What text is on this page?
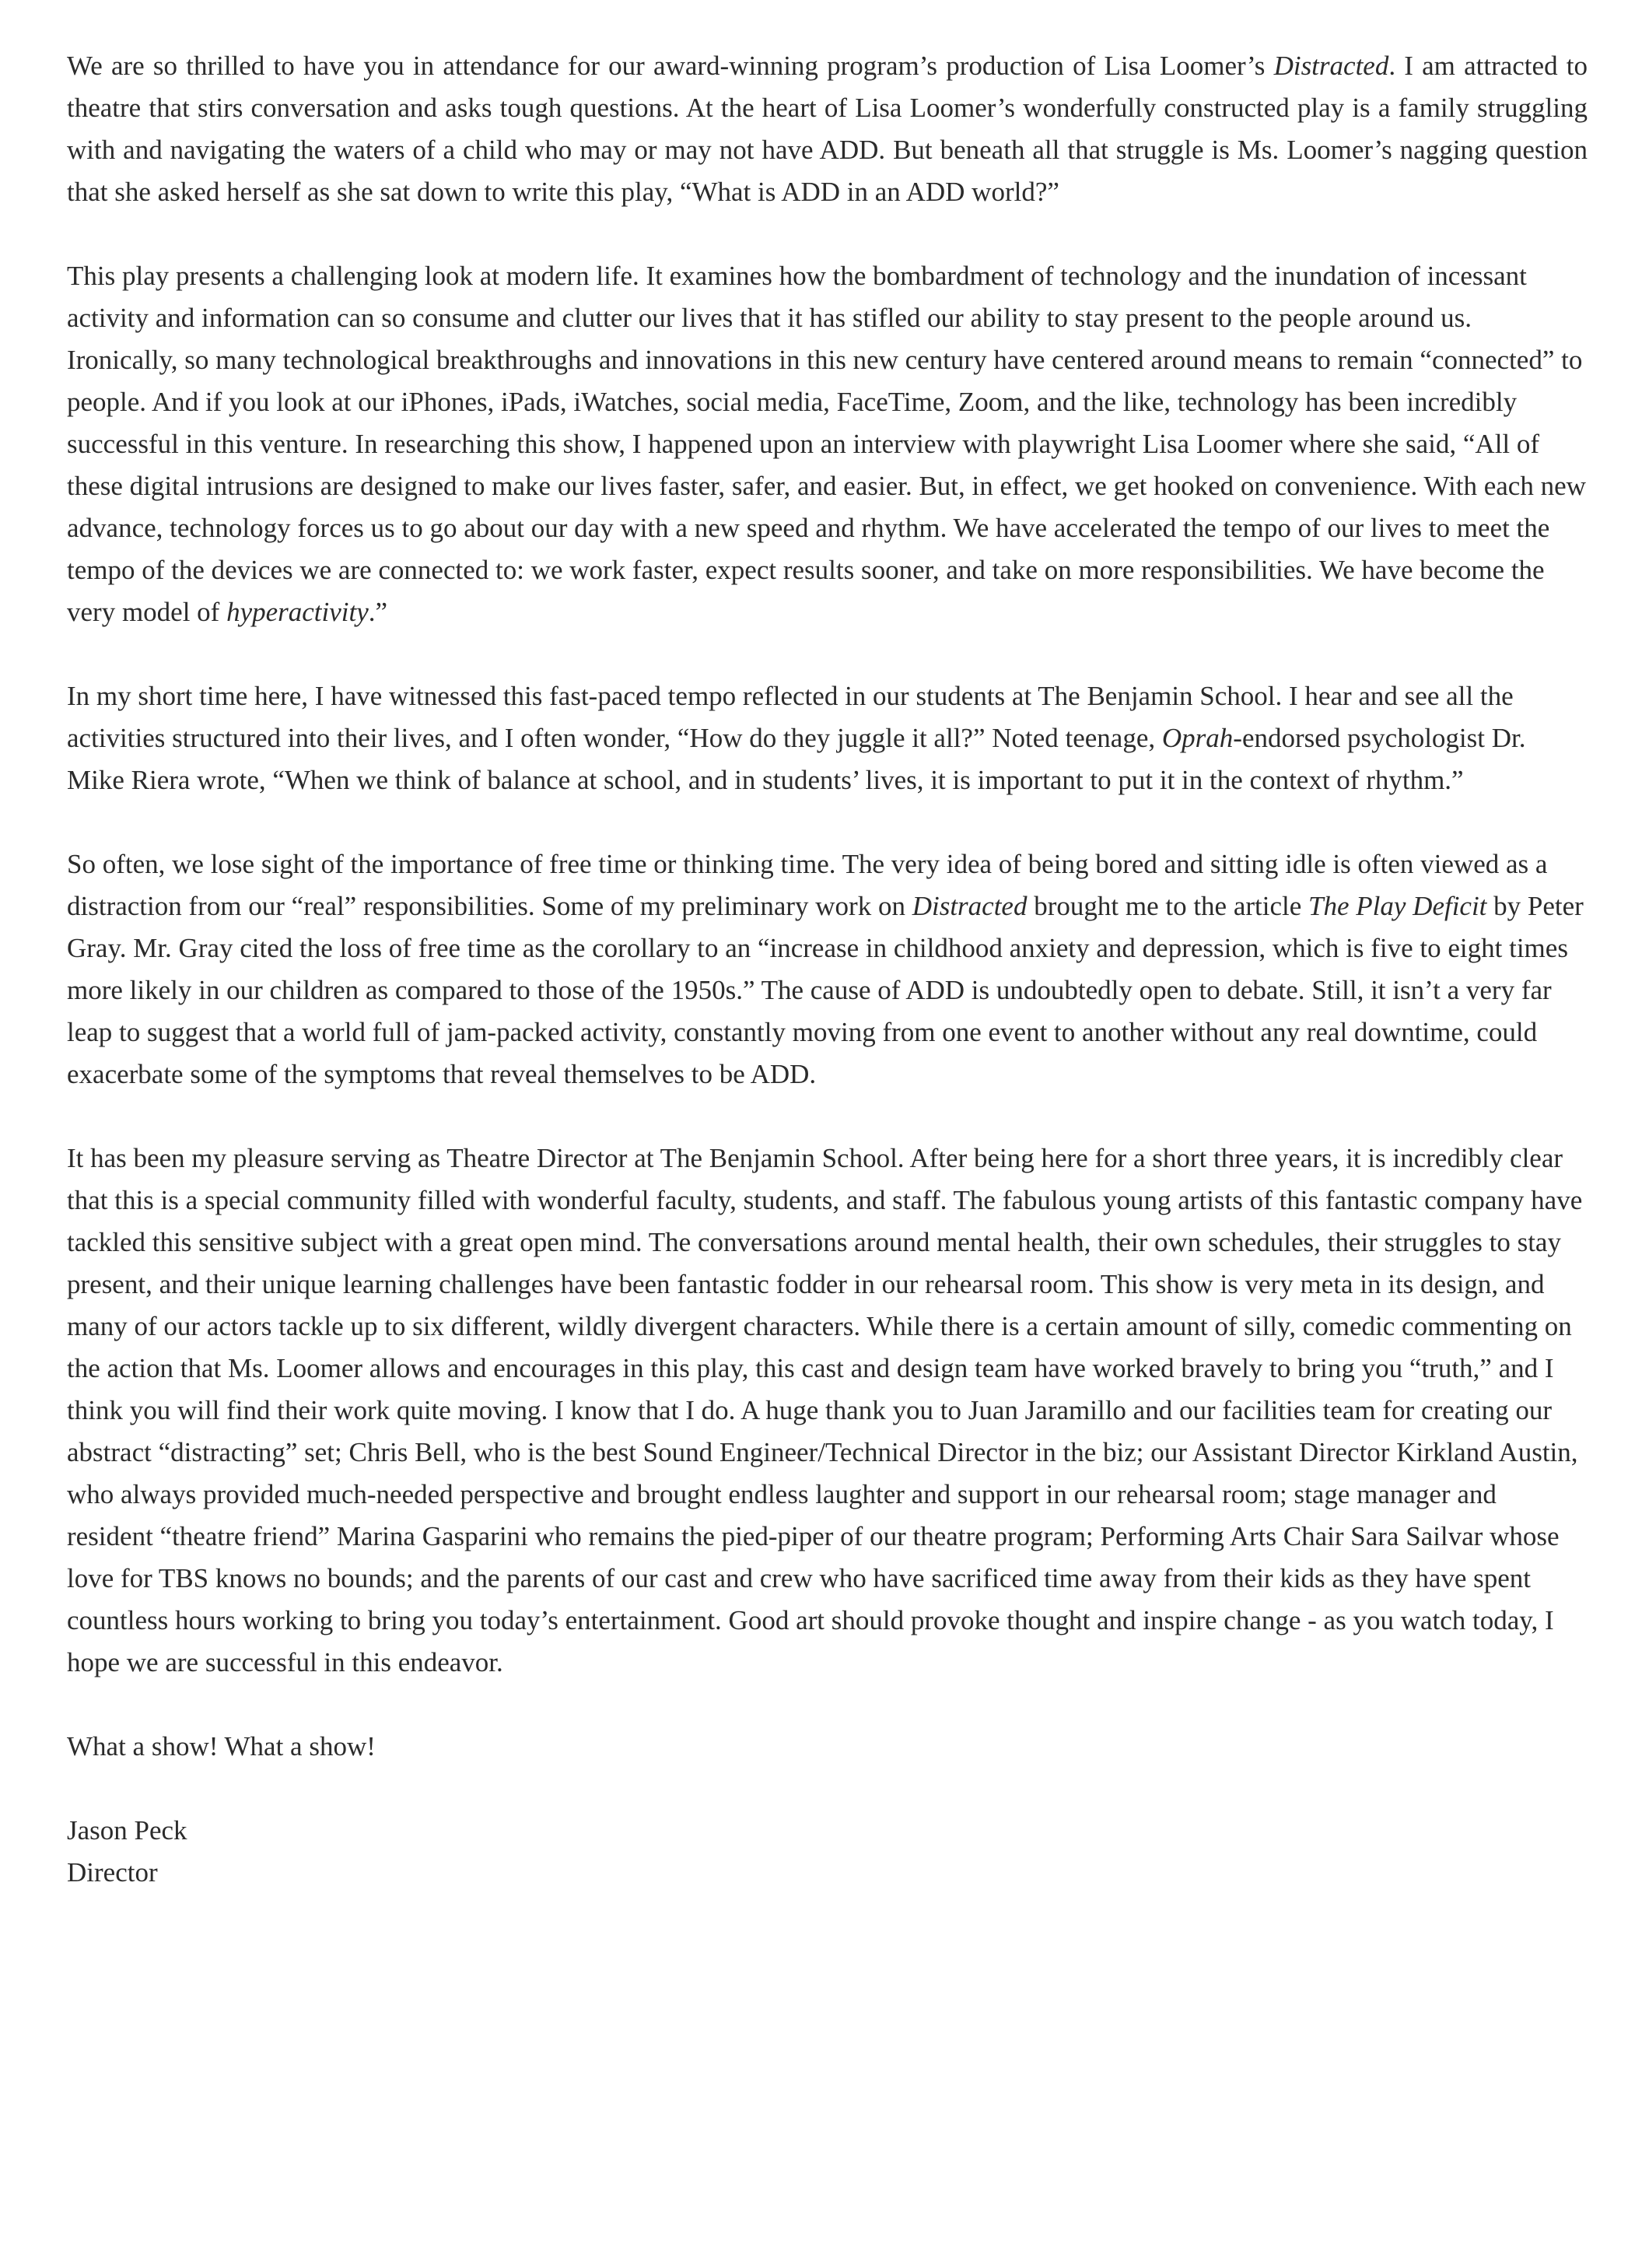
We are so thrilled to have you in attendance for our award-winning program’s production of Lisa Loomer’s Distracted. I am attracted to theatre that stirs conversation and asks tough questions. At the heart of Lisa Loomer’s wonderfully constructed play is a family struggling with and navigating the waters of a child who may or may not have ADD. But beneath all that struggle is Ms. Loomer’s nagging question that she asked herself as she sat down to write this play, “What is ADD in an ADD world?”

This play presents a challenging look at modern life. It examines how the bombardment of technology and the inundation of incessant activity and information can so consume and clutter our lives that it has stifled our ability to stay present to the people around us. Ironically, so many technological breakthroughs and innovations in this new century have centered around means to remain “connected” to people. And if you look at our iPhones, iPads, iWatches, social media, FaceTime, Zoom, and the like, technology has been incredibly successful in this venture. In researching this show, I happened upon an interview with playwright Lisa Loomer where she said, “All of these digital intrusions are designed to make our lives faster, safer, and easier. But, in effect, we get hooked on convenience. With each new advance, technology forces us to go about our day with a new speed and rhythm. We have accelerated the tempo of our lives to meet the tempo of the devices we are connected to: we work faster, expect results sooner, and take on more responsibilities. We have become the very model of hyperactivity.”

In my short time here, I have witnessed this fast-paced tempo reflected in our students at The Benjamin School. I hear and see all the activities structured into their lives, and I often wonder, “How do they juggle it all?” Noted teenage, Oprah-endorsed psychologist Dr. Mike Riera wrote, “When we think of balance at school, and in students’ lives, it is important to put it in the context of rhythm.”

So often, we lose sight of the importance of free time or thinking time. The very idea of being bored and sitting idle is often viewed as a distraction from our “real” responsibilities. Some of my preliminary work on Distracted brought me to the article The Play Deficit by Peter Gray. Mr. Gray cited the loss of free time as the corollary to an “increase in childhood anxiety and depression, which is five to eight times more likely in our children as compared to those of the 1950s.” The cause of ADD is undoubtedly open to debate. Still, it isn’t a very far leap to suggest that a world full of jam-packed activity, constantly moving from one event to another without any real downtime, could exacerbate some of the symptoms that reveal themselves to be ADD.

It has been my pleasure serving as Theatre Director at The Benjamin School. After being here for a short three years, it is incredibly clear that this is a special community filled with wonderful faculty, students, and staff. The fabulous young artists of this fantastic company have tackled this sensitive subject with a great open mind. The conversations around mental health, their own schedules, their struggles to stay present, and their unique learning challenges have been fantastic fodder in our rehearsal room. This show is very meta in its design, and many of our actors tackle up to six different, wildly divergent characters. While there is a certain amount of silly, comedic commenting on the action that Ms. Loomer allows and encourages in this play, this cast and design team have worked bravely to bring you “truth,” and I think you will find their work quite moving. I know that I do. A huge thank you to Juan Jaramillo and our facilities team for creating our abstract “distracting” set; Chris Bell, who is the best Sound Engineer/Technical Director in the biz; our Assistant Director Kirkland Austin, who always provided much-needed perspective and brought endless laughter and support in our rehearsal room; stage manager and resident “theatre friend” Marina Gasparini who remains the pied-piper of our theatre program; Performing Arts Chair Sara Sailvar whose love for TBS knows no bounds; and the parents of our cast and crew who have sacrificed time away from their kids as they have spent countless hours working to bring you today’s entertainment. Good art should provoke thought and inspire change - as you watch today, I hope we are successful in this endeavor.

What a show! What a show!

Jason Peck
Director
